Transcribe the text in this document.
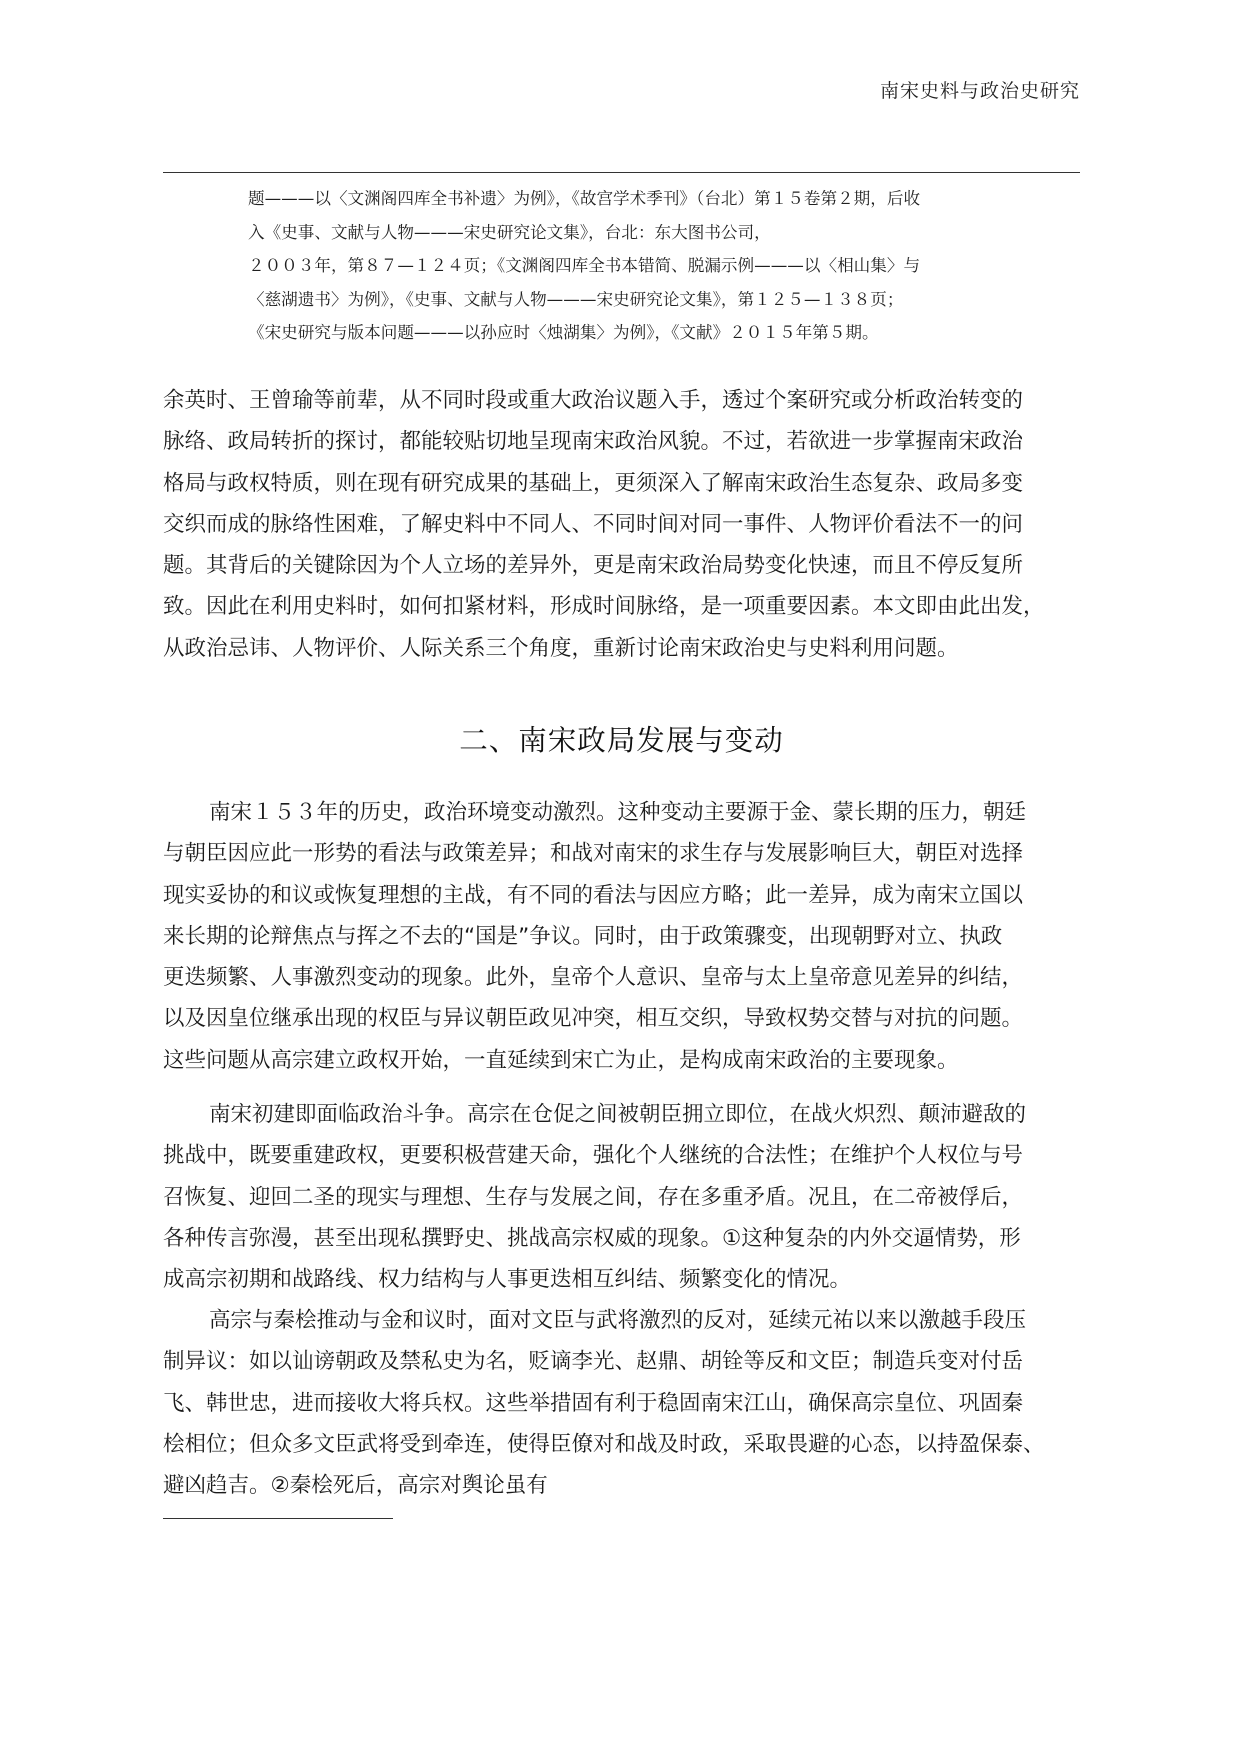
南宋史料与政治史研究
题———以〈文渊阁四库全书补遗〉为例》，《故宫学术季刊》（台北）第１５卷第２期，后收
入《史事、文献与人物———宋史研究论文集》，台北：东大图书公司，
２００３年，第８７—１２４页；《文渊阁四库全书本错简、脱漏示例———以〈相山集〉与
〈慈湖遗书〉为例》，《史事、文献与人物———宋史研究论文集》，第１２５—１３８页；
《宋史研究与版本问题———以孙应时〈烛湖集〉为例》，《文献》２０１５年第５期。
余英时、王曾瑜等前辈，从不同时段或重大政治议题入手，透过个案研究或分析政治转变的
脉络、政局转折的探讨，都能较贴切地呈现南宋政治风貌。不过，若欲进一步掌握南宋政治
格局与政权特质，则在现有研究成果的基础上，更须深入了解南宋政治生态复杂、政局多变
交织而成的脉络性困难，了解史料中不同人、不同时间对同一事件、人物评价看法不一的问
题。其背后的关键除因为个人立场的差异外，更是南宋政治局势变化快速，而且不停反复所
致。因此在利用史料时，如何扣紧材料，形成时间脉络，是一项重要因素。本文即由此出发，
从政治忌讳、人物评价、人际关系三个角度，重新讨论南宋政治史与史料利用问题。
二、南宋政局发展与变动
南宋１５３年的历史，政治环境变动激烈。这种变动主要源于金、蒙长期的压力，朝廷
与朝臣因应此一形势的看法与政策差异；和战对南宋的求生存与发展影响巨大，朝臣对选择
现实妥协的和议或恢复理想的主战，有不同的看法与因应方略；此一差异，成为南宋立国以
来长期的论辩焦点与挥之不去的“国是”争议。同时，由于政策骤变，出现朝野对立、执政
更迭频繁、人事激烈变动的现象。此外，皇帝个人意识、皇帝与太上皇帝意见差异的纠结，
以及因皇位继承出现的权臣与异议朝臣政见冲突，相互交织，导致权势交替与对抗的问题。
这些问题从高宗建立政权开始，一直延续到宋亡为止，是构成南宋政治的主要现象。
南宋初建即面临政治斗争。高宗在仓促之间被朝臣拥立即位，在战火炽烈、颠沛避敌的
挑战中，既要重建政权，更要积极营建天命，强化个人继统的合法性；在维护个人权位与号
召恢复、迎回二圣的现实与理想、生存与发展之间，存在多重矛盾。况且，在二帝被俘后，
各种传言弥漫，甚至出现私撰野史、挑战高宗权威的现象。①这种复杂的内外交逼情势，形
成高宗初期和战路线、权力结构与人事更迭相互纠结、频繁变化的情况。
高宗与秦桧推动与金和议时，面对文臣与武将激烈的反对，延续元祐以来以激越手段压
制异议：如以讪谤朝政及禁私史为名，贬谪李光、赵鼎、胡铨等反和文臣；制造兵变对付岳
飞、韩世忠，进而接收大将兵权。这些举措固有利于稳固南宋江山，确保高宗皇位、巩固秦
桧相位；但众多文臣武将受到牵连，使得臣僚对和战及时政，采取畏避的心态，以持盈保泰、
避凶趋吉。②秦桧死后，高宗对舆论虽有
